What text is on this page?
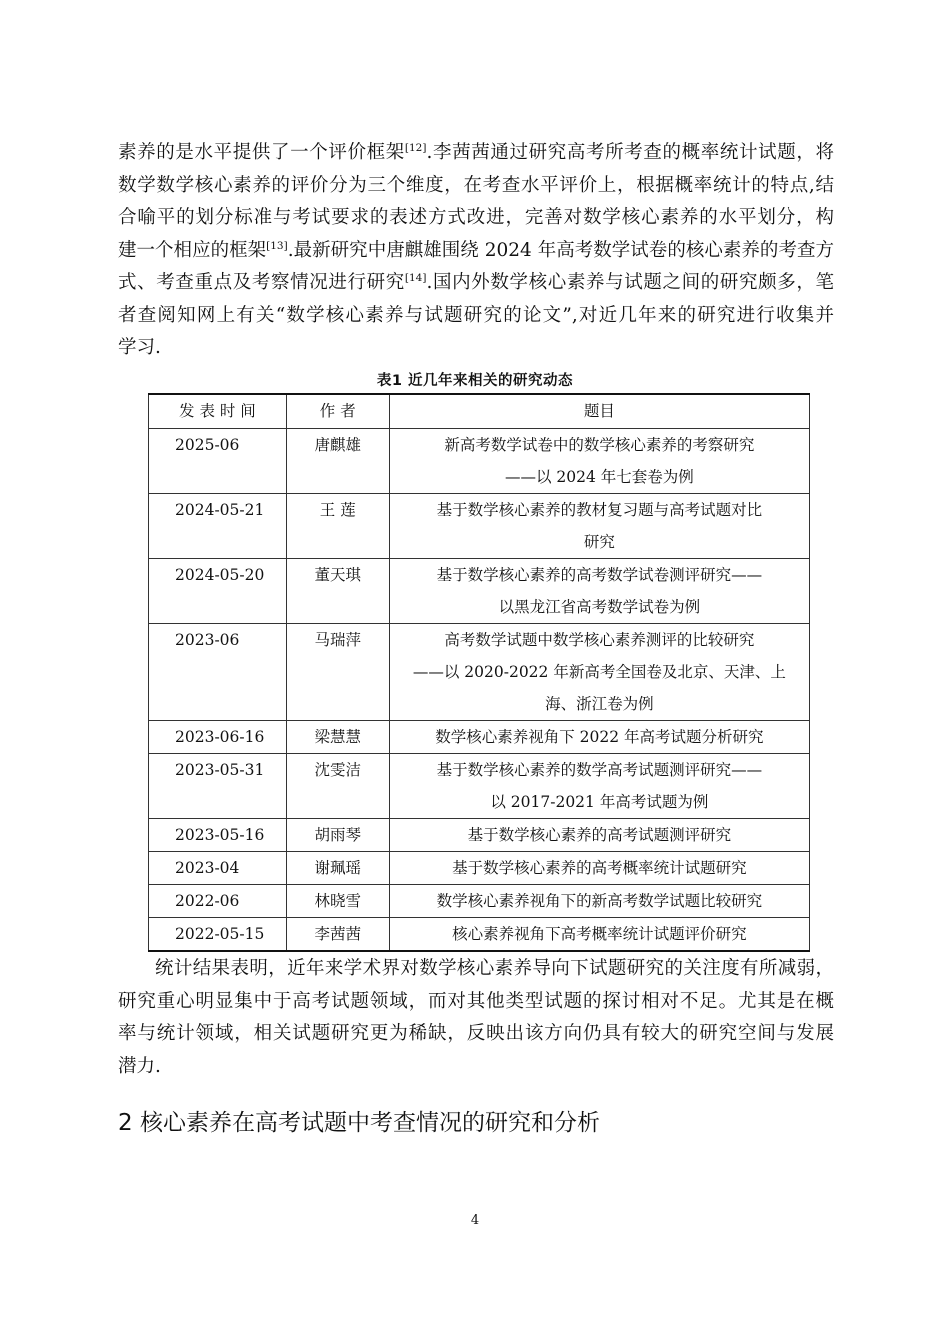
素养的是水平提供了一个评价框架[12].李茜茜通过研究高考所考查的概率统计试题，将
数学数学核心素养的评价分为三个维度，在考查水平评价上，根据概率统计的特点,结
合喻平的划分标准与考试要求的表述方式改进，完善对数学核心素养的水平划分，构
建一个相应的框架[13].最新研究中唐麒雄围绕 2024 年高考数学试卷的核心素养的考查方
式、考查重点及考察情况进行研究[14].国内外数学核心素养与试题之间的研究颇多，笔
者查阅知网上有关“数学核心素养与试题研究的论文”,对近几年来的研究进行收集并
学习.
表1 近几年来相关的研究动态
发 表 时 间	作 者	题目
2025-06	唐麒雄	新高考数学试卷中的数学核心素养的考察研究
——以 2024 年七套卷为例

2024-05-21	王 莲	基于数学核心素养的教材复习题与高考试题对比
研究

2024-05-20	董天琪	基于数学核心素养的高考数学试卷测评研究——
以黑龙江省高考数学试卷为例

2023-06	马瑞萍	高考数学试题中数学核心素养测评的比较研究
——以 2020-2022 年新高考全国卷及北京、天津、上
海、浙江卷为例

2023-06-16	梁慧慧	数学核心素养视角下 2022 年高考试题分析研究

2023-05-31	沈雯洁	基于数学核心素养的数学高考试题测评研究——
以 2017-2021 年高考试题为例

2023-05-16	胡雨琴	基于数学核心素养的高考试题测评研究

2023-04	谢珮瑶	基于数学核心素养的高考概率统计试题研究

2022-06	林晓雪	数学核心素养视角下的新高考数学试题比较研究

2022-05-15	李茜茜	核心素养视角下高考概率统计试题评价研究
统计结果表明，近年来学术界对数学核心素养导向下试题研究的关注度有所减弱，
研究重心明显集中于高考试题领域，而对其他类型试题的探讨相对不足。尤其是在概
率与统计领域，相关试题研究更为稀缺，反映出该方向仍具有较大的研究空间与发展
潜力.
2 核心素养在高考试题中考查情况的研究和分析
4
